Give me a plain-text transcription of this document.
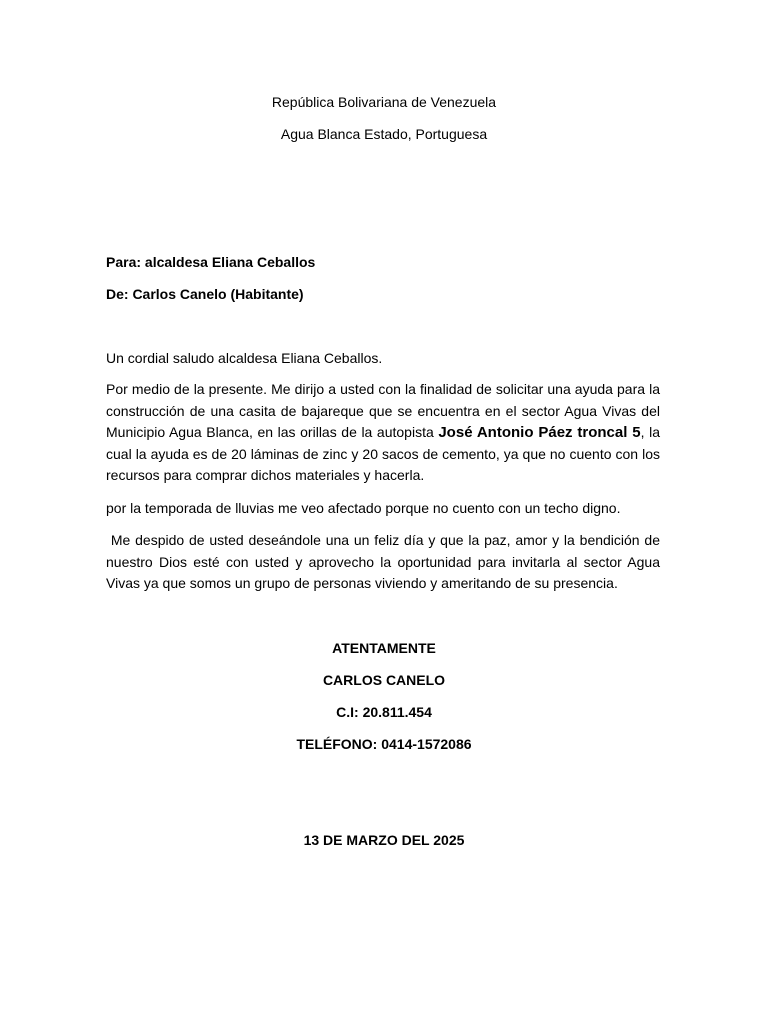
República Bolivariana de Venezuela
Agua Blanca Estado, Portuguesa
Para: alcaldesa Eliana Ceballos
De: Carlos Canelo (Habitante)
Un cordial saludo alcaldesa Eliana Ceballos.
Por medio de la presente. Me dirijo a usted con la finalidad de solicitar una ayuda para la construcción de una casita de bajareque que se encuentra en el sector Agua Vivas del Municipio Agua Blanca, en las orillas de la autopista José Antonio Páez troncal 5, la cual la ayuda es de 20 láminas de zinc y 20 sacos de cemento, ya que no cuento con los recursos para comprar dichos materiales y hacerla.
por la temporada de lluvias me veo afectado porque no cuento con un techo digno.
Me despido de usted deseándole una un feliz día y que la paz, amor y la bendición de nuestro Dios esté con usted y aprovecho la oportunidad para invitarla al sector Agua Vivas ya que somos un grupo de personas viviendo y ameritando de su presencia.
ATENTAMENTE
CARLOS CANELO
C.I: 20.811.454
TELÉFONO: 0414-1572086
13 DE MARZO DEL 2025
